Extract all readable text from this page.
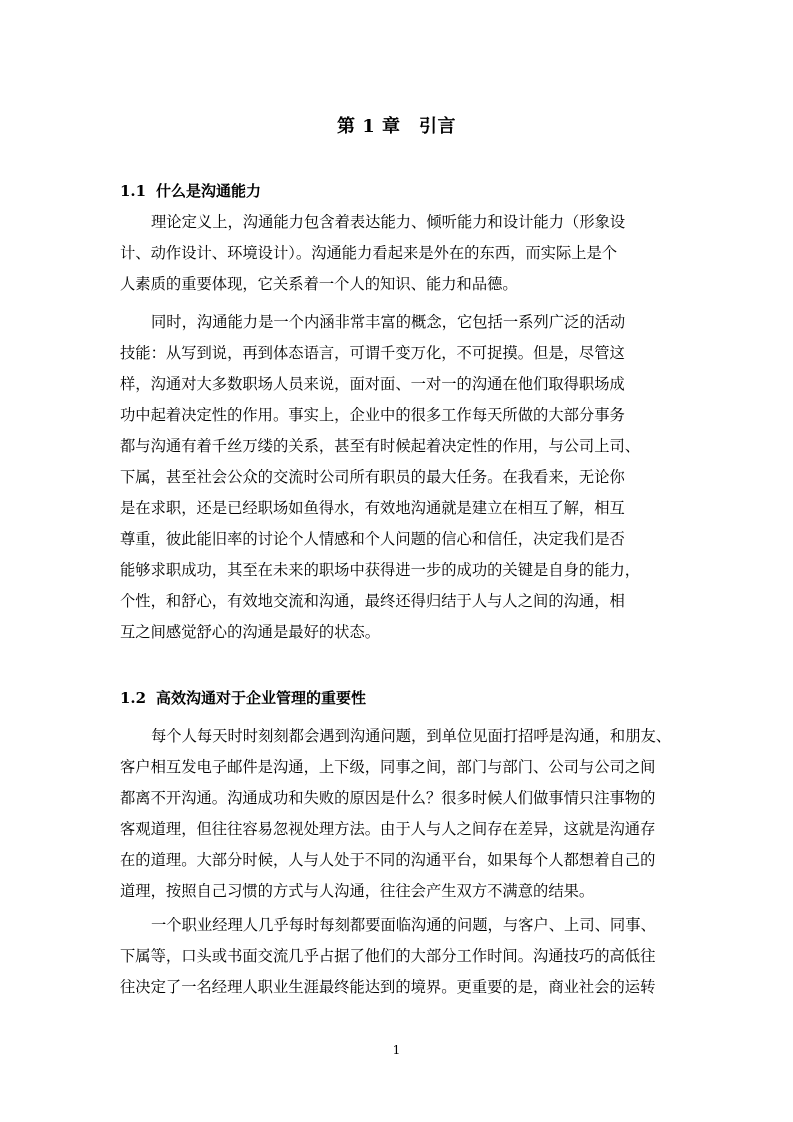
第 1 章　引言
1.1 什么是沟通能力
理论定义上，沟通能力包含着表达能力、倾听能力和设计能力（形象设
计、动作设计、环境设计）。沟通能力看起来是外在的东西，而实际上是个
人素质的重要体现，它关系着一个人的知识、能力和品德。
同时，沟通能力是一个内涵非常丰富的概念，它包括一系列广泛的活动
技能：从写到说，再到体态语言，可谓千变万化，不可捉摸。但是，尽管这
样，沟通对大多数职场人员来说，面对面、一对一的沟通在他们取得职场成
功中起着决定性的作用。事实上，企业中的很多工作每天所做的大部分事务
都与沟通有着千丝万缕的关系，甚至有时候起着决定性的作用，与公司上司、
下属，甚至社会公众的交流时公司所有职员的最大任务。在我看来，无论你
是在求职，还是已经职场如鱼得水，有效地沟通就是建立在相互了解，相互
尊重，彼此能旧率的讨论个人情感和个人问题的信心和信任，决定我们是否
能够求职成功，其至在未来的职场中获得进一步的成功的关键是自身的能力，
个性，和舒心，有效地交流和沟通，最终还得归结于人与人之间的沟通，相
互之间感觉舒心的沟通是最好的状态。
1.2 高效沟通对于企业管理的重要性
每个人每天时时刻刻都会遇到沟通问题，到单位见面打招呼是沟通，和朋友、
客户相互发电子邮件是沟通，上下级，同事之间，部门与部门、公司与公司之间
都离不开沟通。沟通成功和失败的原因是什么？很多时候人们做事情只注事物的
客观道理，但往往容易忽视处理方法。由于人与人之间存在差异，这就是沟通存
在的道理。大部分时候，人与人处于不同的沟通平台，如果每个人都想着自己的
道理，按照自己习惯的方式与人沟通，往往会产生双方不满意的结果。
一个职业经理人几乎每时每刻都要面临沟通的问题，与客户、上司、同事、
下属等，口头或书面交流几乎占据了他们的大部分工作时间。沟通技巧的高低往
往决定了一名经理人职业生涯最终能达到的境界。更重要的是，商业社会的运转
1
